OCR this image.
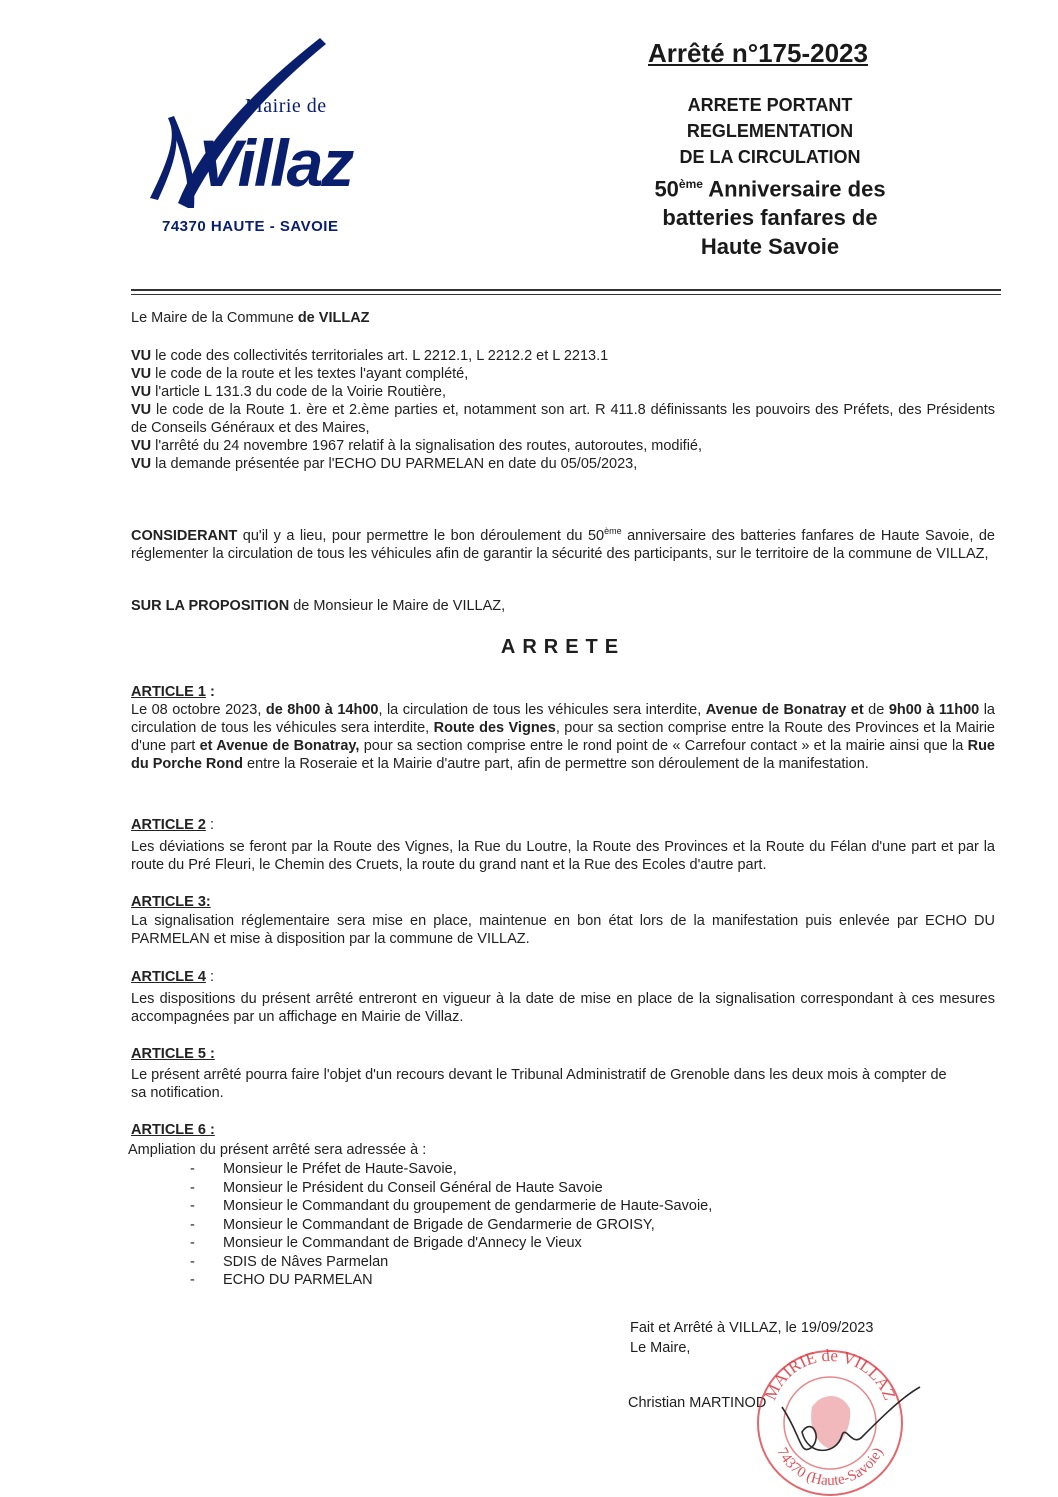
Mairie de
Villaz
74370 HAUTE - SAVOIE
Arrêté n°175-2023
ARRETE PORTANT
REGLEMENTATION
DE LA CIRCULATION
50ème Anniversaire des
batteries fanfares de
Haute Savoie
Le Maire de la Commune de VILLAZ
VU le code des collectivités territoriales art. L 2212.1, L 2212.2 et L 2213.1
VU le code de la route et les textes l'ayant complété,
VU l'article L 131.3 du code de la Voirie Routière,
VU le code de la Route 1. ère et 2.ème parties et, notamment son art. R 411.8 définissants les pouvoirs des Préfets, des Présidents de Conseils Généraux et des Maires,
VU l'arrêté du 24 novembre 1967 relatif à la signalisation des routes, autoroutes, modifié,
VU la demande présentée par l'ECHO DU PARMELAN en date du 05/05/2023,
CONSIDERANT qu'il y a lieu, pour permettre le bon déroulement du 50ème anniversaire des batteries fanfares de Haute Savoie, de réglementer la circulation de tous les véhicules afin de garantir la sécurité des participants, sur le territoire de la commune de VILLAZ,
SUR LA PROPOSITION de Monsieur le Maire de VILLAZ,
ARRETE
ARTICLE 1 :
Le 08 octobre 2023, de 8h00 à 14h00, la circulation de tous les véhicules sera interdite, Avenue de Bonatray et de 9h00 à 11h00 la circulation de tous les véhicules sera interdite, Route des Vignes, pour sa section comprise entre la Route des Provinces et la Mairie d'une part et Avenue de Bonatray, pour sa section comprise entre le rond point de « Carrefour contact » et la mairie ainsi que la Rue du Porche Rond entre la Roseraie et la Mairie d'autre part, afin de permettre son déroulement de la manifestation.
ARTICLE 2 :
Les déviations se feront par la Route des Vignes, la Rue du Loutre, la Route des Provinces et la Route du Félan d'une part et par la route du Pré Fleuri, le Chemin des Cruets, la route du grand nant et la Rue des Ecoles d'autre part.
ARTICLE 3:
La signalisation réglementaire sera mise en place, maintenue en bon état lors de la manifestation puis enlevée par ECHO DU PARMELAN et mise à disposition par la commune de VILLAZ.
ARTICLE 4 :
Les dispositions du présent arrêté entreront en vigueur à la date de mise en place de la signalisation correspondant à ces mesures accompagnées par un affichage en Mairie de Villaz.
ARTICLE 5 :
Le présent arrêté pourra faire l'objet d'un recours devant le Tribunal Administratif de Grenoble dans les deux mois à compter de sa notification.
ARTICLE 6 :
Ampliation du présent arrêté sera adressée à :
-	Monsieur le Préfet de Haute-Savoie,
-	Monsieur le Président du Conseil Général de Haute Savoie
-	Monsieur le Commandant du groupement de gendarmerie de Haute-Savoie,
-	Monsieur le Commandant de Brigade de Gendarmerie de GROISY,
-	Monsieur le Commandant de Brigade d'Annecy le Vieux
-	SDIS de Nâves Parmelan
-	ECHO DU PARMELAN
Fait et Arrêté à VILLAZ, le 19/09/2023
Le Maire,
Christian MARTINOD
MAIRIE de VILLAZ
74370 (Haute-Savoie)
